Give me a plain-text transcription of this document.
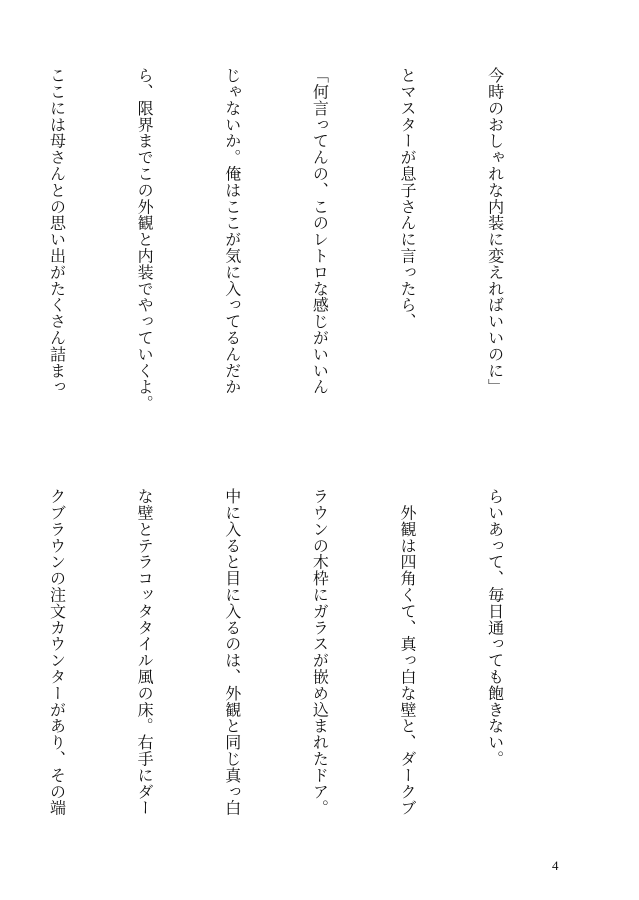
今時のおしゃれな内装に変えればいいのに」

とマスターが息子さんに言ったら、

「何言ってんの、このレトロな感じがいいん

じゃないか。俺はここが気に入ってるんだか

ら、限界までこの外観と内装でやっていくよ。

ここには母さんとの思い出がたくさん詰まっ

らいあって、毎日通っても飽きない。

　外観は四角くて、真っ白な壁と、ダークブ

ラウンの木枠にガラスが嵌め込まれたドア。

中に入ると目に入るのは、外観と同じ真っ白

な壁とテラコッタタイル風の床。右手にダー

クブラウンの注文カウンターがあり、その端

4
